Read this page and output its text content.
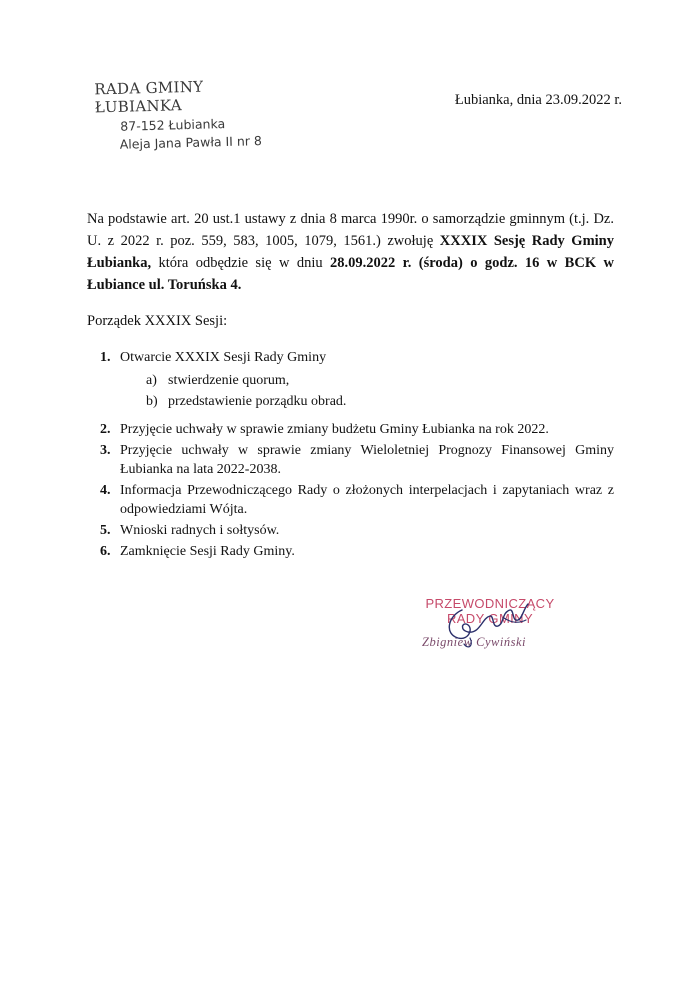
RADA GMINY ŁUBIANKA
87-152 Łubianka
Aleja Jana Pawła II nr 8
Łubianka, dnia 23.09.2022 r.
Na podstawie art. 20 ust.1 ustawy z dnia 8 marca 1990r. o samorządzie gminnym (t.j. Dz. U. z 2022 r. poz. 559, 583, 1005, 1079, 1561.) zwołuję XXXIX Sesję Rady Gminy Łubianka, która odbędzie się w dniu 28.09.2022 r. (środa) o godz. 16 w BCK w Łubiance ul. Toruńska 4.
Porządek XXXIX Sesji:
1. Otwarcie XXXIX Sesji Rady Gminy
a) stwierdzenie quorum,
b) przedstawienie porządku obrad.
2. Przyjęcie uchwały w sprawie zmiany budżetu Gminy Łubianka na rok 2022.
3. Przyjęcie uchwały w sprawie zmiany Wieloletniej Prognozy Finansowej Gminy Łubianka na lata 2022-2038.
4. Informacja Przewodniczącego Rady o złożonych interpelacjach i zapytaniach wraz z odpowiedziami Wójta.
5. Wnioski radnych i sołtysów.
6. Zamknięcie Sesji Rady Gminy.
PRZEWODNICZĄCY
RADY GMINY
Zbigniew Cywiński
